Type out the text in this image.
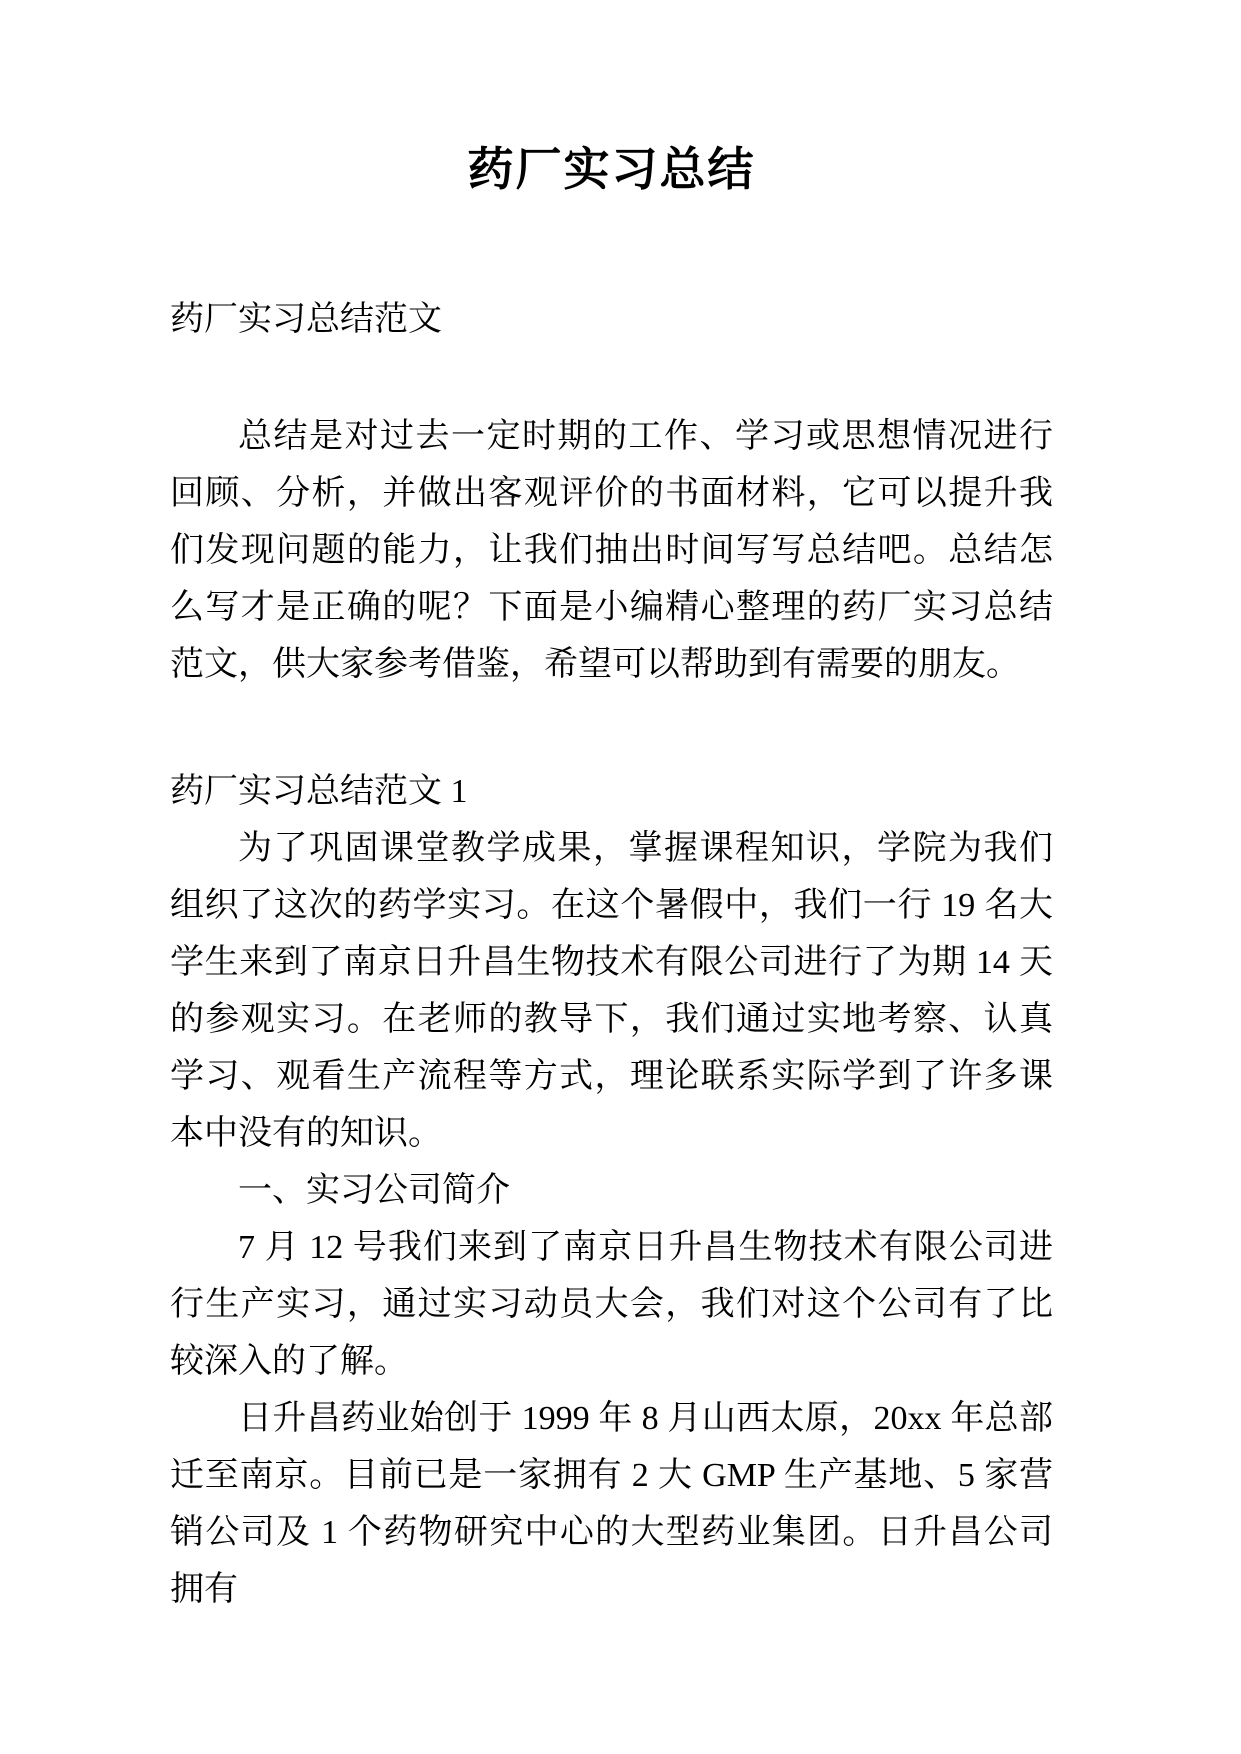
药厂实习总结

药厂实习总结范文

总结是对过去一定时期的工作、学习或思想情况进行回顾、分析，并做出客观评价的书面材料，它可以提升我们发现问题的能力，让我们抽出时间写写总结吧。总结怎么写才是正确的呢？下面是小编精心整理的药厂实习总结范文，供大家参考借鉴，希望可以帮助到有需要的朋友。

药厂实习总结范文 1

为了巩固课堂教学成果，掌握课程知识，学院为我们组织了这次的药学实习。在这个暑假中，我们一行 19 名大学生来到了南京日升昌生物技术有限公司进行了为期 14 天的参观实习。在老师的教导下，我们通过实地考察、认真学习、观看生产流程等方式，理论联系实际学到了许多课本中没有的知识。

一、实习公司简介

7 月 12 号我们来到了南京日升昌生物技术有限公司进行生产实习，通过实习动员大会，我们对这个公司有了比较深入的了解。

日升昌药业始创于 1999 年 8 月山西太原，20xx 年总部迁至南京。目前已是一家拥有 2 大 GMP 生产基地、5 家营销公司及 1 个药物研究中心的大型药业集团。日升昌公司拥有
